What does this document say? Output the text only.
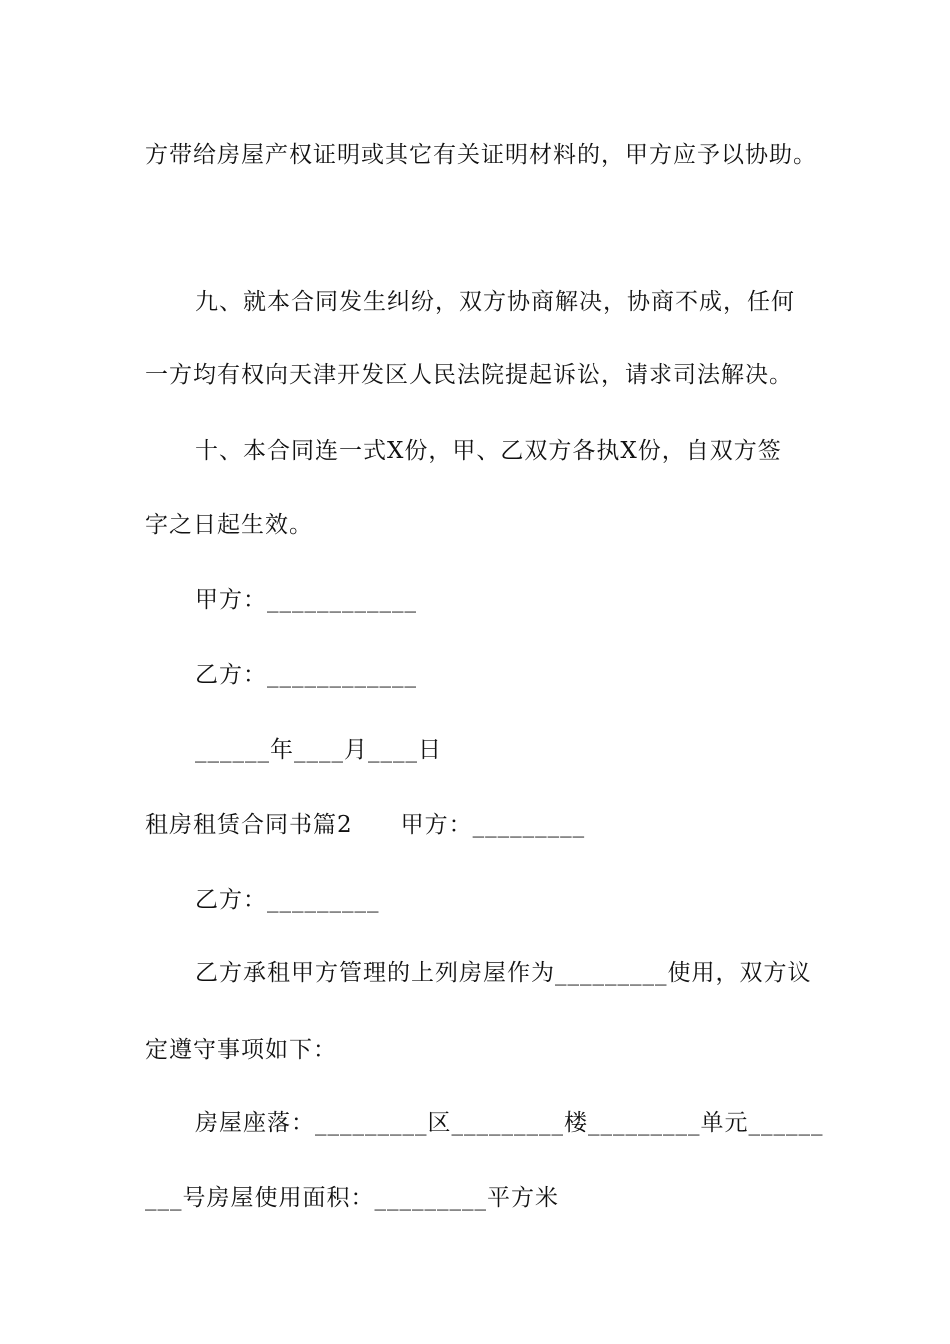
方带给房屋产权证明或其它有关证明材料的，甲方应予以协助。
九、就本合同发生纠纷，双方协商解决，协商不成，任何
一方均有权向天津开发区人民法院提起诉讼，请求司法解决。
十、本合同连一式X份，甲、乙双方各执X份，自双方签
字之日起生效。
甲方：____________
乙方：____________
______年____月____日
租房租赁合同书篇2　　甲方：_________
乙方：_________
乙方承租甲方管理的上列房屋作为_________使用，双方议
定遵守事项如下：
房屋座落：_________区_________楼_________单元______
___号房屋使用面积：_________平方米
